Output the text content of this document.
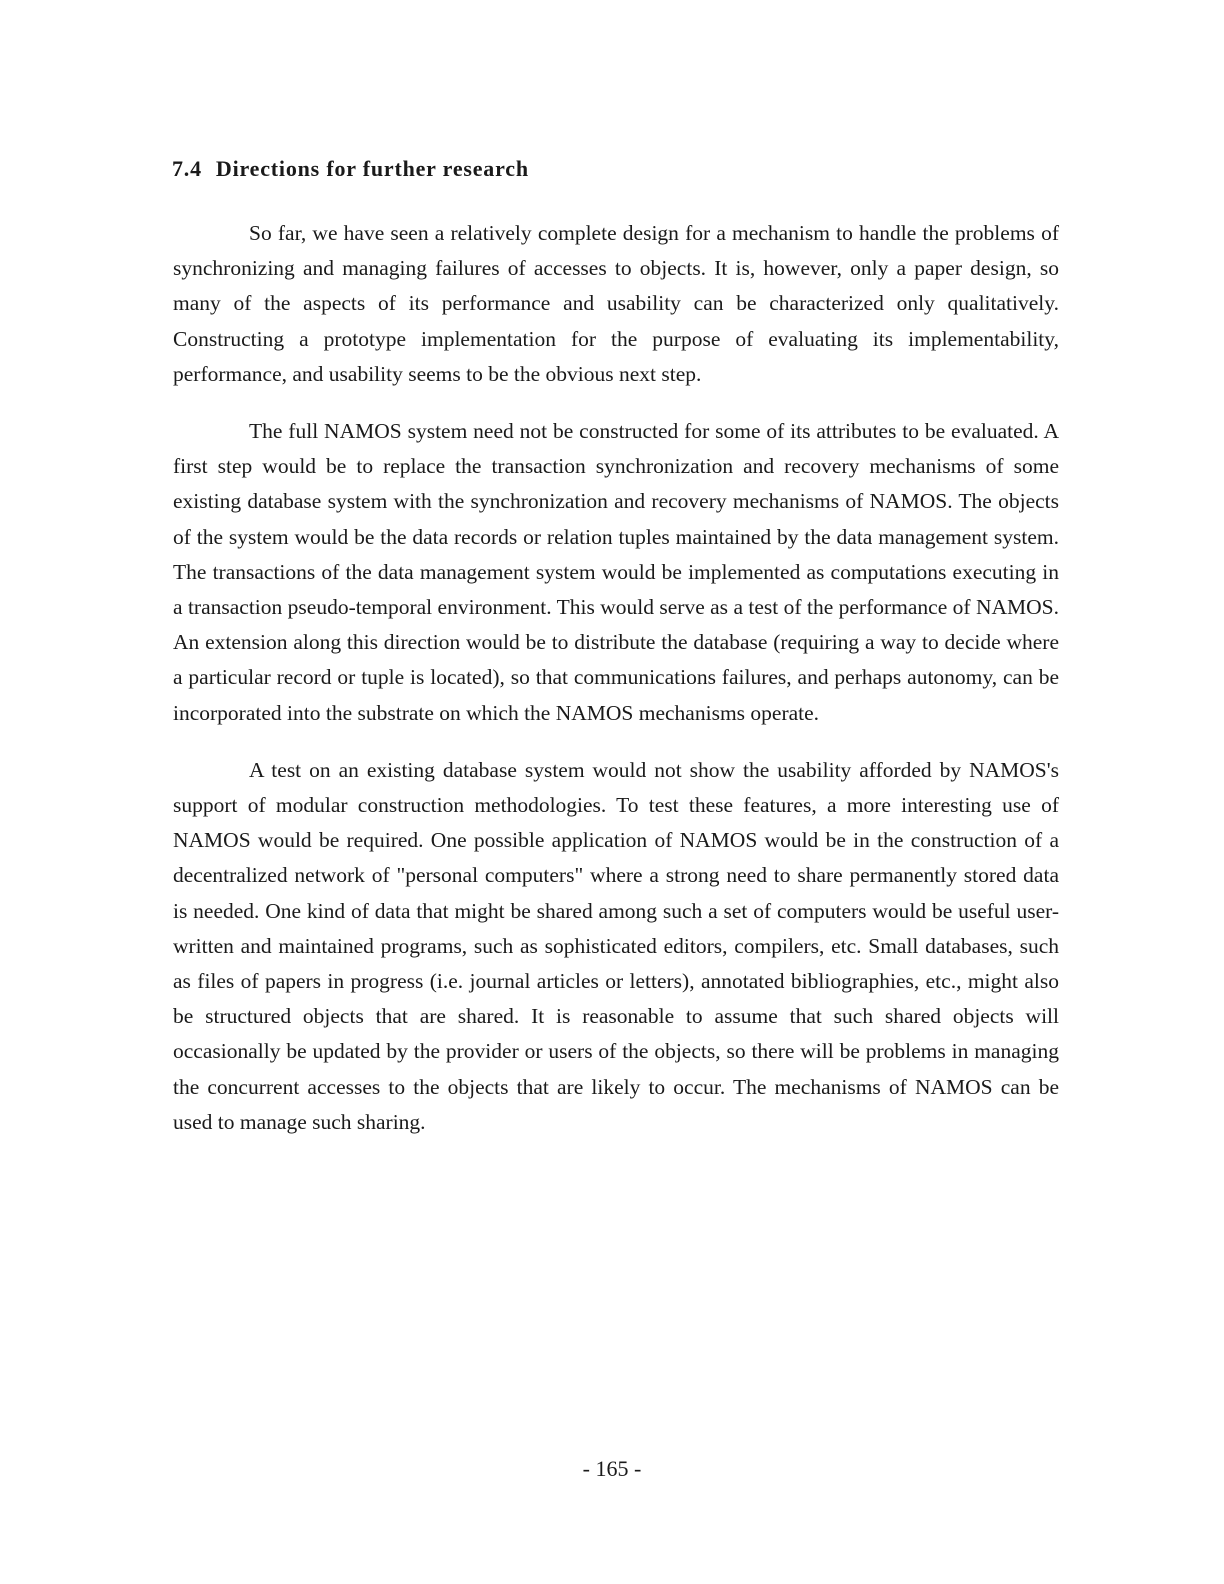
7.4 Directions for further research

So far, we have seen a relatively complete design for a mechanism to handle the problems of synchronizing and managing failures of accesses to objects. It is, however, only a paper design, so many of the aspects of its performance and usability can be characterized only qualitatively. Constructing a prototype implementation for the purpose of evaluating its implementability, performance, and usability seems to be the obvious next step.

The full NAMOS system need not be constructed for some of its attributes to be evaluated. A first step would be to replace the transaction synchronization and recovery mechanisms of some existing database system with the synchronization and recovery mechanisms of NAMOS. The objects of the system would be the data records or relation tuples maintained by the data management system. The transactions of the data management system would be implemented as computations executing in a transaction pseudo-temporal environment. This would serve as a test of the performance of NAMOS. An extension along this direction would be to distribute the database (requiring a way to decide where a particular record or tuple is located), so that communications failures, and perhaps autonomy, can be incorporated into the substrate on which the NAMOS mechanisms operate.

A test on an existing database system would not show the usability afforded by NAMOS's support of modular construction methodologies. To test these features, a more interesting use of NAMOS would be required. One possible application of NAMOS would be in the construction of a decentralized network of "personal computers" where a strong need to share permanently stored data is needed. One kind of data that might be shared among such a set of computers would be useful user-written and maintained programs, such as sophisticated editors, compilers, etc. Small databases, such as files of papers in progress (i.e. journal articles or letters), annotated bibliographies, etc., might also be structured objects that are shared. It is reasonable to assume that such shared objects will occasionally be updated by the provider or users of the objects, so there will be problems in managing the concurrent accesses to the objects that are likely to occur. The mechanisms of NAMOS can be used to manage such sharing.

- 165 -
